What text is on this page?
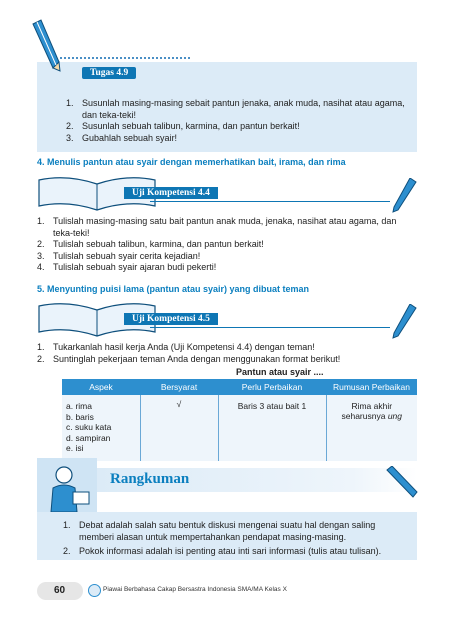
Tugas 4.9
1. Susunlah masing-masing sebait pantun jenaka, anak muda, nasihat atau agama, dan teka-teki!
2. Susunlah sebuah talibun, karmina, dan pantun berkait!
3. Gubahlah sebuah syair!
4. Menulis pantun atau syair dengan memerhatikan bait, irama, dan rima
Uji Kompetensi 4.4
1. Tulislah masing-masing satu bait pantun anak muda, jenaka, nasihat atau agama, dan teka-teki!
2. Tulislah sebuah talibun, karmina, dan pantun berkait!
3. Tulislah sebuah syair cerita kejadian!
4. Tulislah sebuah syair ajaran budi pekerti!
5. Menyunting puisi lama (pantun atau syair) yang dibuat teman
Uji Kompetensi 4.5
1. Tukarkanlah hasil kerja Anda (Uji Kompetensi 4.4) dengan teman!
2. Suntinglah pekerjaan teman Anda dengan menggunakan format berikut!
Pantun atau syair ....
Aspek	Bersyarat	Perlu Perbaikan	Rumusan Perbaikan

a. rima
b. baris
c. suku kata
d. sampiran
e. isi	√	Baris 3 atau bait 1	Rima akhir seharusnya ung
Rangkuman
1. Debat adalah salah satu bentuk diskusi mengenai suatu hal dengan saling memberi alasan untuk mempertahankan pendapat masing-masing.
2. Pokok informasi adalah isi penting atau inti sari informasi (tulis atau tulisan).
60	Piawai Berbahasa Cakap Bersastra Indonesia SMA/MA Kelas X
